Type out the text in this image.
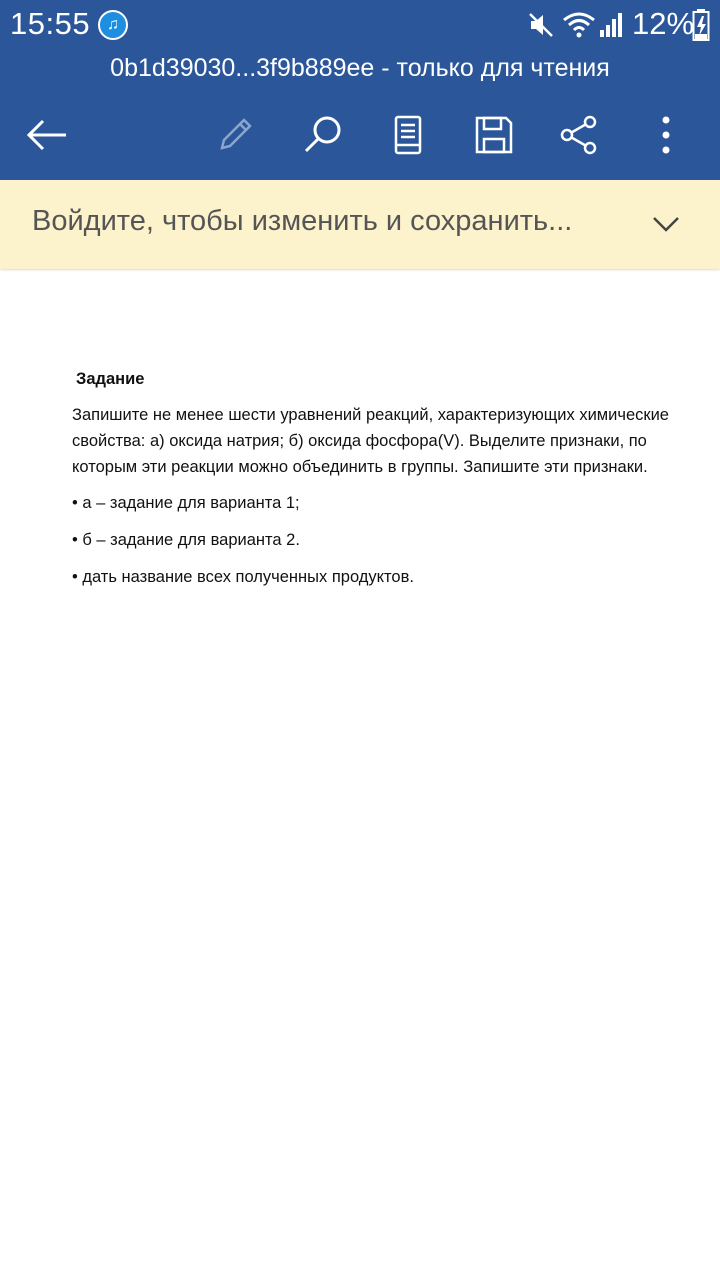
15:55	♫	12%
0b1d39030...3f9b889ee - только для чтения
Войдите, чтобы изменить и сохранить...
Задание

Запишите не менее шести уравнений реакций, характеризующих химические свойства: а) оксида натрия; б) оксида фосфора(V). Выделите признаки, по которым эти реакции можно объединить в группы. Запишите эти признаки.

• а – задание для варианта 1;

• б – задание для варианта 2.

• дать название всех полученных продуктов.
